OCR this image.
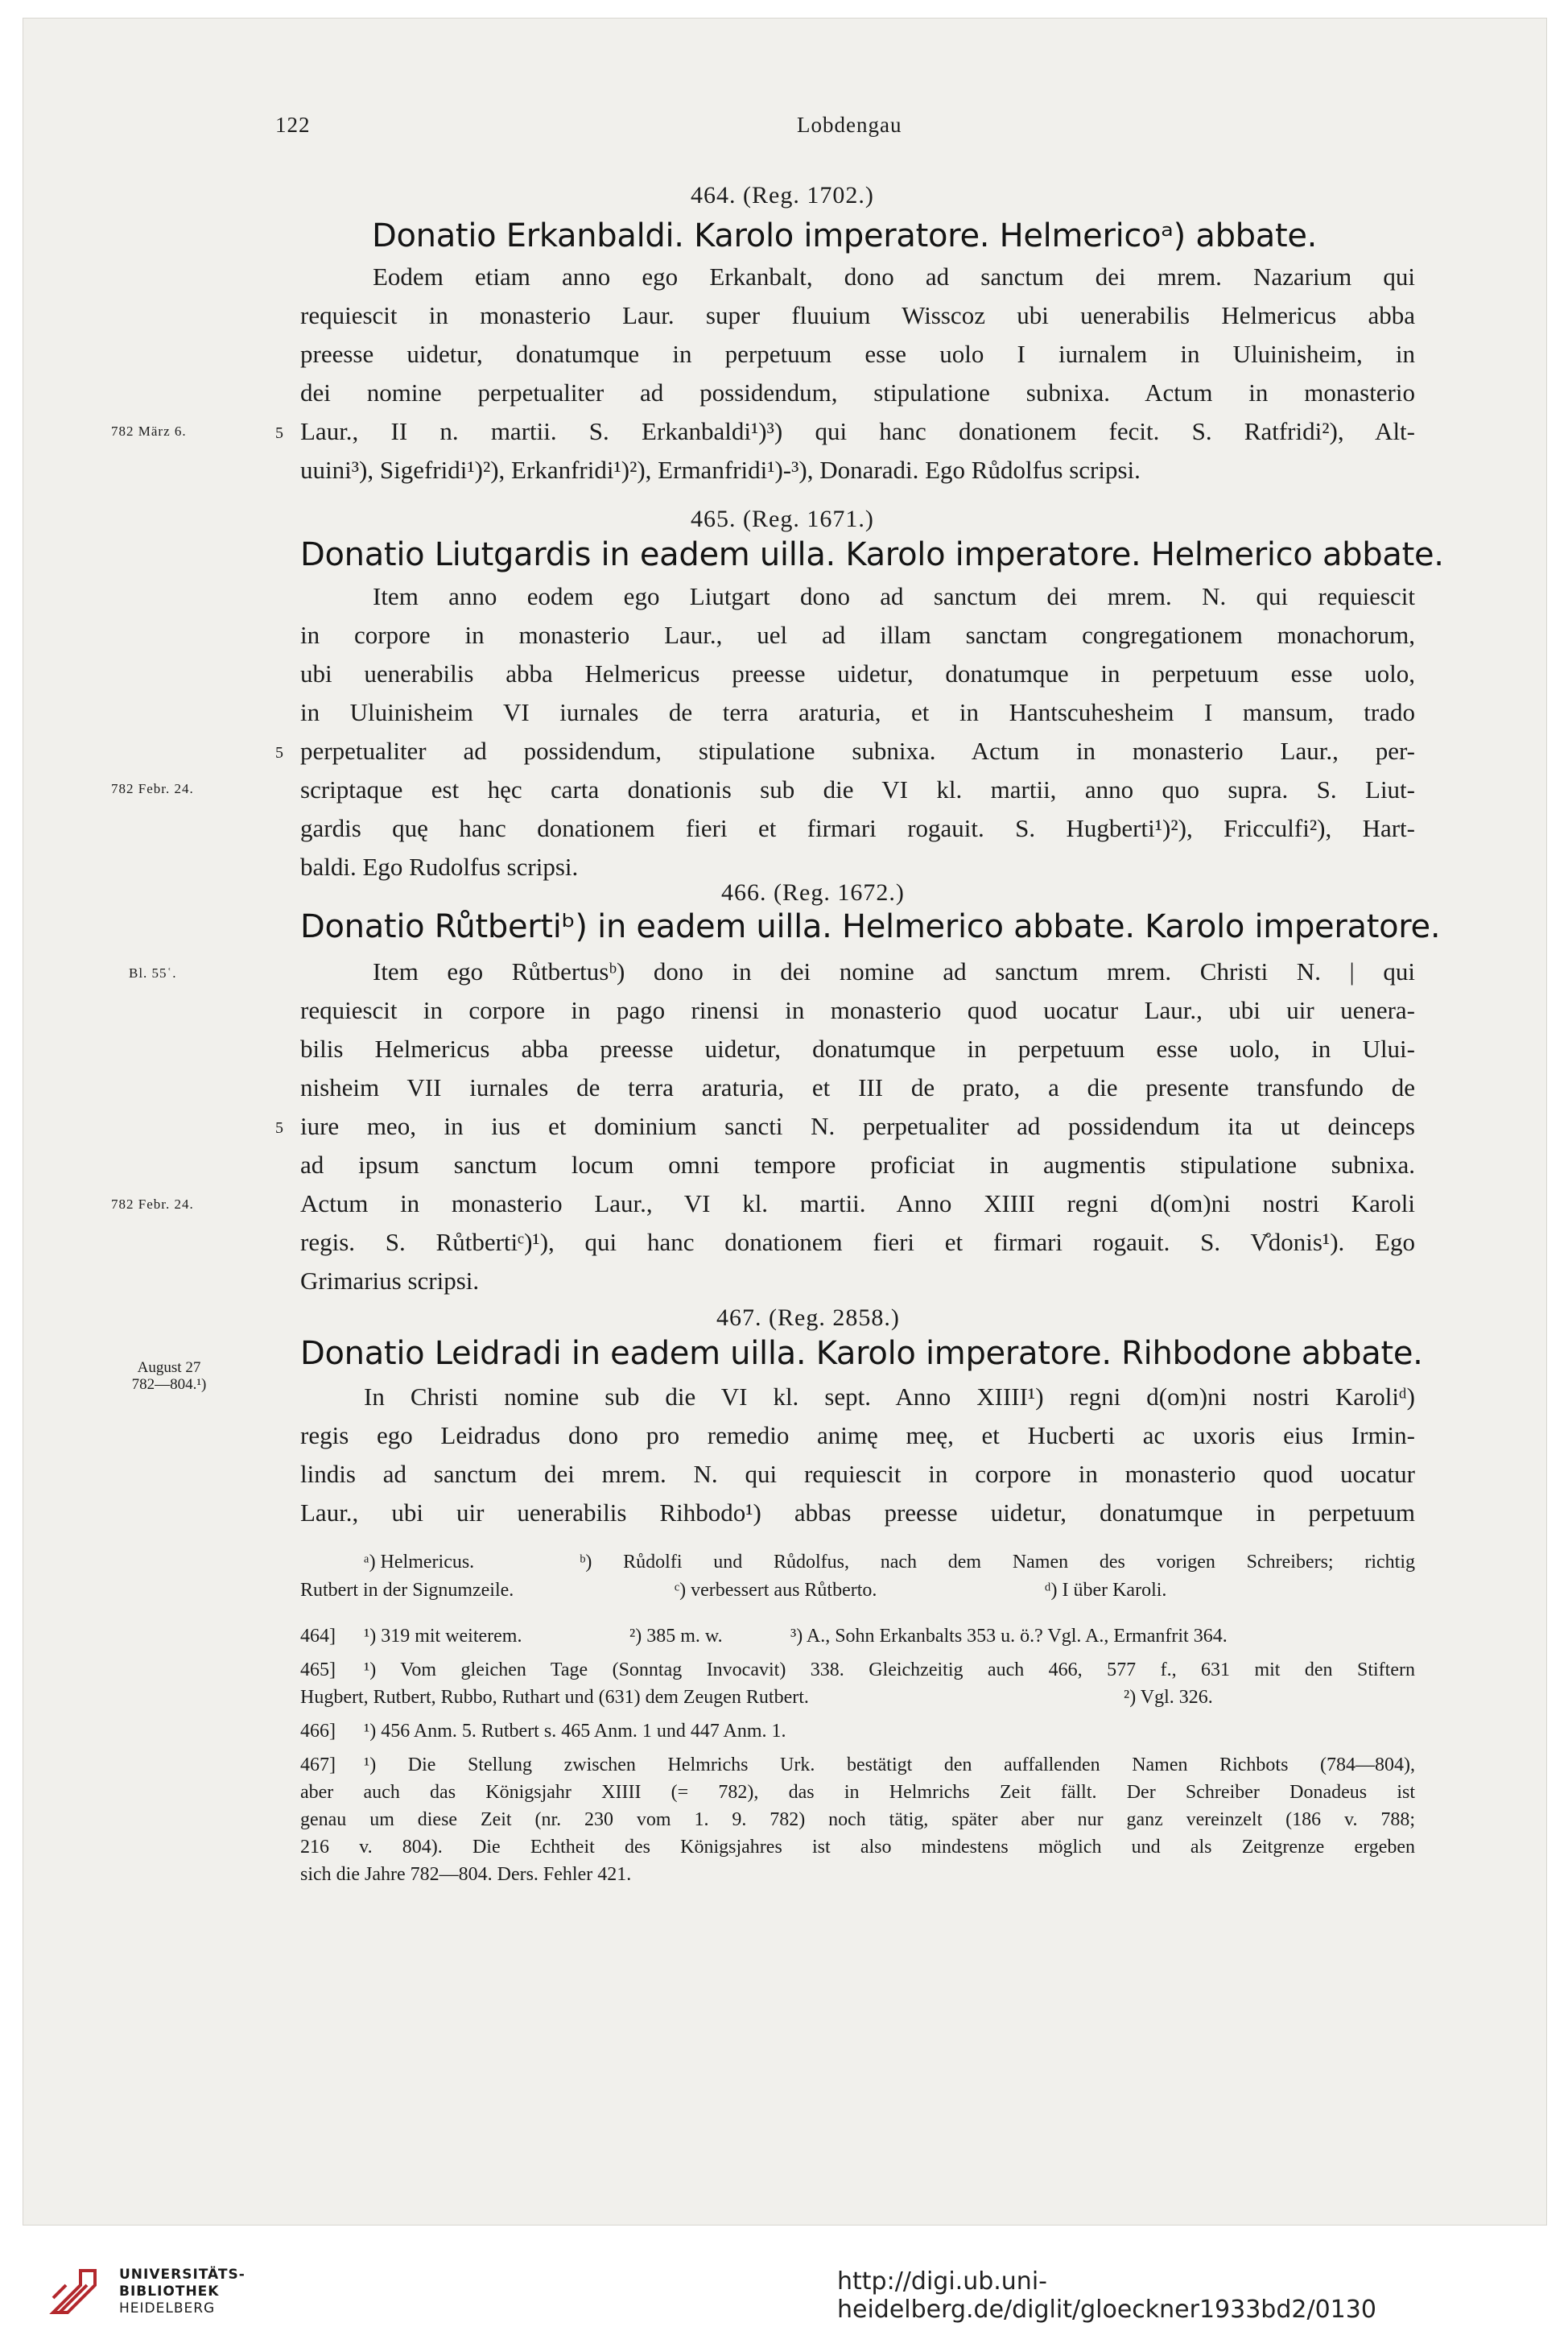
122	Lobdengau
464. (Reg. 1702.)
Donatio Erkanbaldi. Karolo imperatore. Helmericoᵃ) abbate.
Eodem etiam anno ego Erkanbalt, dono ad sanctum dei mrem. Nazarium qui
requiescit in monasterio Laur. super fluuium Wisscoz ubi uenerabilis Helmericus abba
preesse uidetur, donatumque in perpetuum esse uolo I iurnalem in Uluinisheim, in
dei nomine perpetualiter ad possidendum, stipulatione subnixa. Actum in monasterio
Laur., II n. martii. S. Erkanbaldi¹)³) qui hanc donationem fecit. S. Ratfridi²), Alt-
uuini³), Sigefridi¹)²), Erkanfridi¹)²), Ermanfridi¹)-³), Donaradi. Ego Růdolfus scripsi.
782 März 6.	5
465. (Reg. 1671.)
Donatio Liutgardis in eadem uilla. Karolo imperatore. Helmerico abbate.
Item anno eodem ego Liutgart dono ad sanctum dei mrem. N. qui requiescit
in corpore in monasterio Laur., uel ad illam sanctam congregationem monachorum,
ubi uenerabilis abba Helmericus preesse uidetur, donatumque in perpetuum esse uolo,
in Uluinisheim VI iurnales de terra araturia, et in Hantscuhesheim I mansum, trado
perpetualiter ad possidendum, stipulatione subnixa. Actum in monasterio Laur., per-
scriptaque est hęc carta donationis sub die VI kl. martii, anno quo supra. S. Liut-
gardis quę hanc donationem fieri et firmari rogauit. S. Hugberti¹)²), Fricculfi²), Hart-
baldi. Ego Rudolfus scripsi.
5
782 Febr. 24.
466. (Reg. 1672.)
Donatio Růtbertiᵇ) in eadem uilla. Helmerico abbate. Karolo imperatore.
Item ego Růtbertusᵇ) dono in dei nomine ad sanctum mrem. Christi N. | qui
requiescit in corpore in pago rinensi in monasterio quod uocatur Laur., ubi uir uenera-
bilis Helmericus abba preesse uidetur, donatumque in perpetuum esse uolo, in Ului-
nisheim VII iurnales de terra araturia, et III de prato, a die presente transfundo de
iure meo, in ius et dominium sancti N. perpetualiter ad possidendum ita ut deinceps
ad ipsum sanctum locum omni tempore proficiat in augmentis stipulatione subnixa.
Actum in monasterio Laur., VI kl. martii. Anno XIIII regni d(om)ni nostri Karoli
regis. S. Růtbertiᶜ)¹), qui hanc donationem fieri et firmari rogauit. S. V̊donis¹). Ego
Grimarius scripsi.
Bl. 55ʿ.
5
782 Febr. 24.
467. (Reg. 2858.)
Donatio Leidradi in eadem uilla. Karolo imperatore. Rihbodone abbate.
In Christi nomine sub die VI kl. sept. Anno XIIII¹) regni d(om)ni nostri Karoliᵈ)
regis ego Leidradus dono pro remedio animę meę, et Hucberti ac uxoris eius Irmin-
lindis ad sanctum dei mrem. N. qui requiescit in corpore in monasterio quod uocatur
Laur., ubi uir uenerabilis Rihbodo¹) abbas preesse uidetur, donatumque in perpetuum
August 27
782—804.¹)
ᵃ) Helmericus.	ᵇ) Růdolfi und Růdolfus, nach dem Namen des vorigen Schreibers; richtig
Rutbert in der Signumzeile.	ᶜ) verbessert aus Růtberto.	ᵈ) I über Karoli.
464]	¹) 319 mit weiterem.	²) 385 m. w.	³) A., Sohn Erkanbalts 353 u. ö.? Vgl. A., Ermanfrit 364.
465]	¹) Vom gleichen Tage (Sonntag Invocavit) 338. Gleichzeitig auch 466, 577 f., 631 mit den Stiftern
Hugbert, Rutbert, Rubbo, Ruthart und (631) dem Zeugen Rutbert.	²) Vgl. 326.
466]	¹) 456 Anm. 5. Rutbert s. 465 Anm. 1 und 447 Anm. 1.
467]	¹) Die Stellung zwischen Helmrichs Urk. bestätigt den auffallenden Namen Richbots (784—804),
aber auch das Königsjahr XIIII (= 782), das in Helmrichs Zeit fällt. Der Schreiber Donadeus ist
genau um diese Zeit (nr. 230 vom 1. 9. 782) noch tätig, später aber nur ganz vereinzelt (186 v. 788;
216 v. 804). Die Echtheit des Königsjahres ist also mindestens möglich und als Zeitgrenze ergeben
sich die Jahre 782—804. Ders. Fehler 421.
UNIVERSITÄTS-
BIBLIOTHEK
HEIDELBERG
http://digi.ub.uni-heidelberg.de/diglit/gloeckner1933bd2/0130
